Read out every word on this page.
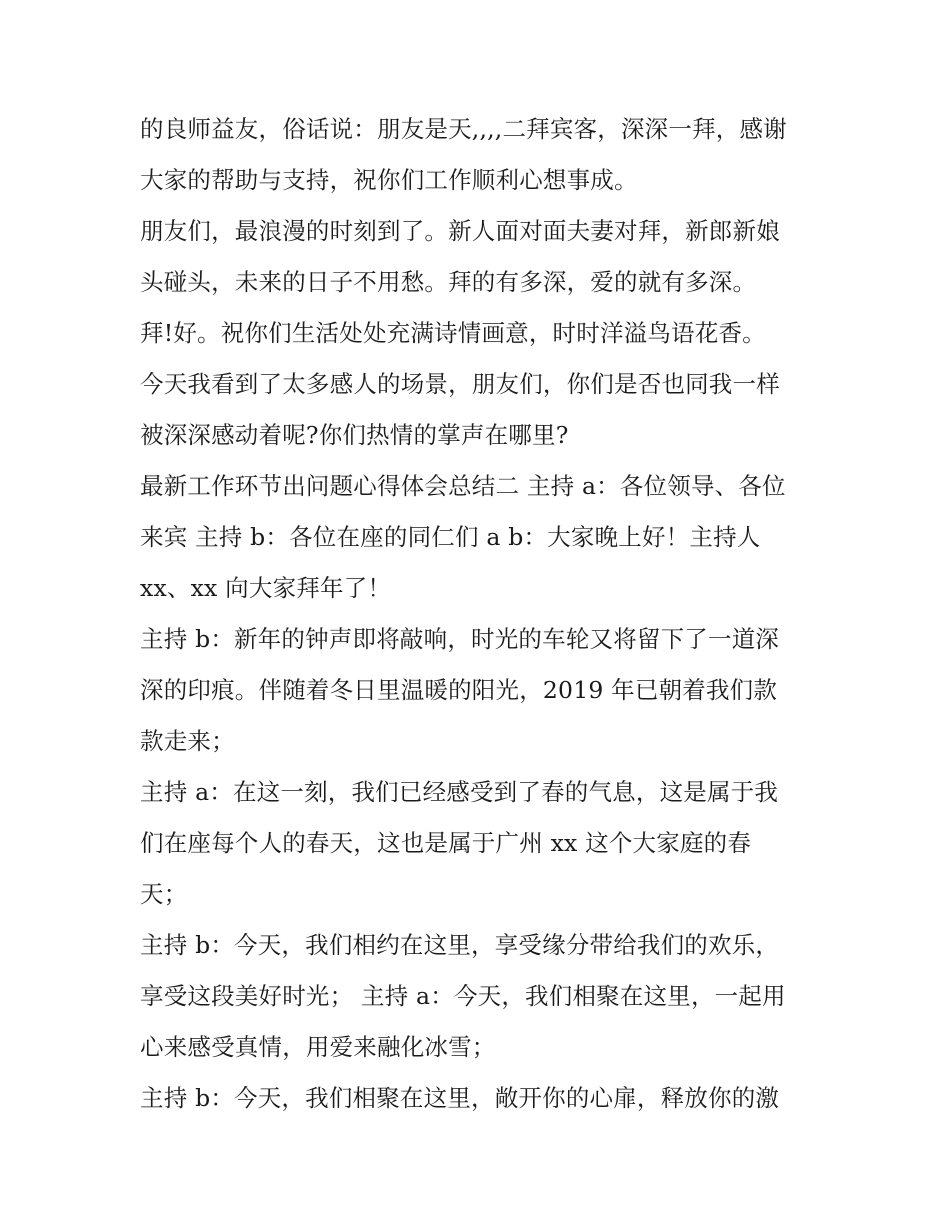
的良师益友，俗话说：朋友是天,,,,二拜宾客，深深一拜，感谢
大家的帮助与支持，祝你们工作顺利心想事成。
朋友们，最浪漫的时刻到了。新人面对面夫妻对拜，新郎新娘
头碰头，未来的日子不用愁。拜的有多深，爱的就有多深。
拜!好。祝你们生活处处充满诗情画意，时时洋溢鸟语花香。
今天我看到了太多感人的场景，朋友们，你们是否也同我一样
被深深感动着呢?你们热情的掌声在哪里?
最新工作环节出问题心得体会总结二 主持 a：各位领导、各位
来宾 主持 b：各位在座的同仁们 a b：大家晚上好！主持人
xx、xx 向大家拜年了！
主持 b：新年的钟声即将敲响，时光的车轮又将留下了一道深
深的印痕。伴随着冬日里温暖的阳光，2019 年已朝着我们款
款走来；
主持 a：在这一刻，我们已经感受到了春的气息，这是属于我
们在座每个人的春天，这也是属于广州 xx 这个大家庭的春
天；
主持 b：今天，我们相约在这里，享受缘分带给我们的欢乐，
享受这段美好时光； 主持 a：今天，我们相聚在这里，一起用
心来感受真情，用爱来融化冰雪；
主持 b：今天，我们相聚在这里，敞开你的心扉，释放你的激
